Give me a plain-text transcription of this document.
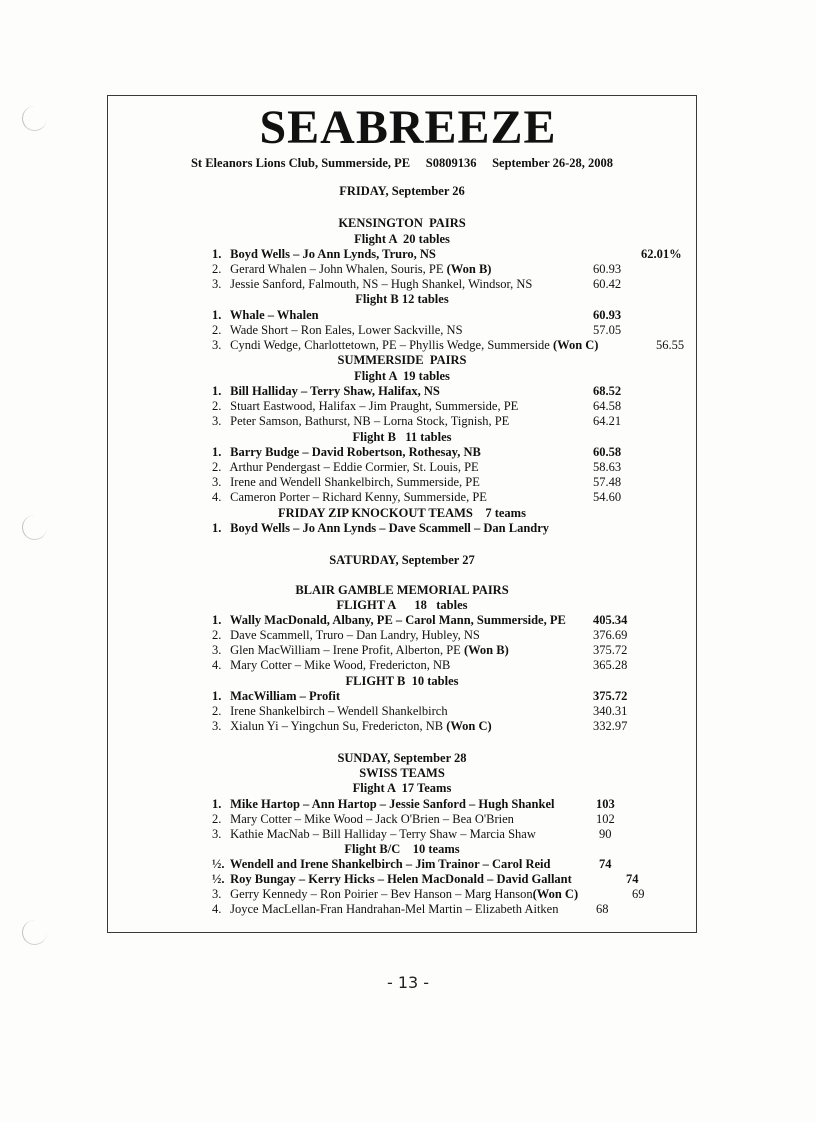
SEABREEZE
St Eleanors Lions Club, Summerside, PE     S0809136     September 26-28, 2008
FRIDAY, September 26
KENSINGTON  PAIRS
Flight A  20 tables
1. Boyd Wells – Jo Ann Lynds, Truro, NS	62.01%
2. Gerard Whalen – John Whalen, Souris, PE (Won B)	60.93
3. Jessie Sanford, Falmouth, NS – Hugh Shankel, Windsor, NS	60.42
Flight B 12 tables
1. Whale – Whalen	60.93
2. Wade Short – Ron Eales, Lower Sackville, NS	57.05
3. Cyndi Wedge, Charlottetown, PE – Phyllis Wedge, Summerside (Won C)	56.55
SUMMERSIDE  PAIRS
Flight A  19 tables
1. Bill Halliday – Terry Shaw, Halifax, NS	68.52
2. Stuart Eastwood, Halifax – Jim Praught, Summerside, PE	64.58
3. Peter Samson, Bathurst, NB – Lorna Stock, Tignish, PE	64.21
Flight B   11 tables
1. Barry Budge – David Robertson, Rothesay, NB	60.58
2. Arthur Pendergast – Eddie Cormier, St. Louis, PE	58.63
3. Irene and Wendell Shankelbirch, Summerside, PE	57.48
4. Cameron Porter – Richard Kenny, Summerside, PE	54.60
FRIDAY ZIP KNOCKOUT TEAMS    7 teams
1. Boyd Wells – Jo Ann Lynds – Dave Scammell – Dan Landry
SATURDAY, September 27
BLAIR GAMBLE MEMORIAL PAIRS
FLIGHT A      18   tables
1. Wally MacDonald, Albany, PE – Carol Mann, Summerside, PE 405.34
2. Dave Scammell, Truro – Dan Landry, Hubley, NS	376.69
3. Glen MacWilliam – Irene Profit, Alberton, PE (Won B)	375.72
4. Mary Cotter – Mike Wood, Fredericton, NB	365.28
FLIGHT B  10 tables
1. MacWilliam – Profit	375.72
2. Irene Shankelbirch – Wendell Shankelbirch	340.31
3. Xialun Yi – Yingchun Su, Fredericton, NB (Won C)	332.97
SUNDAY, September 28
SWISS TEAMS
Flight A  17 Teams
1. Mike Hartop – Ann Hartop – Jessie Sanford – Hugh Shankel	103
2. Mary Cotter – Mike Wood – Jack O'Brien – Bea O'Brien	102
3. Kathie MacNab – Bill Halliday – Terry Shaw – Marcia Shaw	90
Flight B/C    10 teams
½. Wendell and Irene Shankelbirch – Jim Trainor – Carol Reid	74
½. Roy Bungay – Kerry Hicks – Helen MacDonald – David Gallant	74
3. Gerry Kennedy – Ron Poirier – Bev Hanson – Marg Hanson(Won C)	69
4. Joyce MacLellan-Fran Handrahan-Mel Martin – Elizabeth Aitken	68
- 13 -
